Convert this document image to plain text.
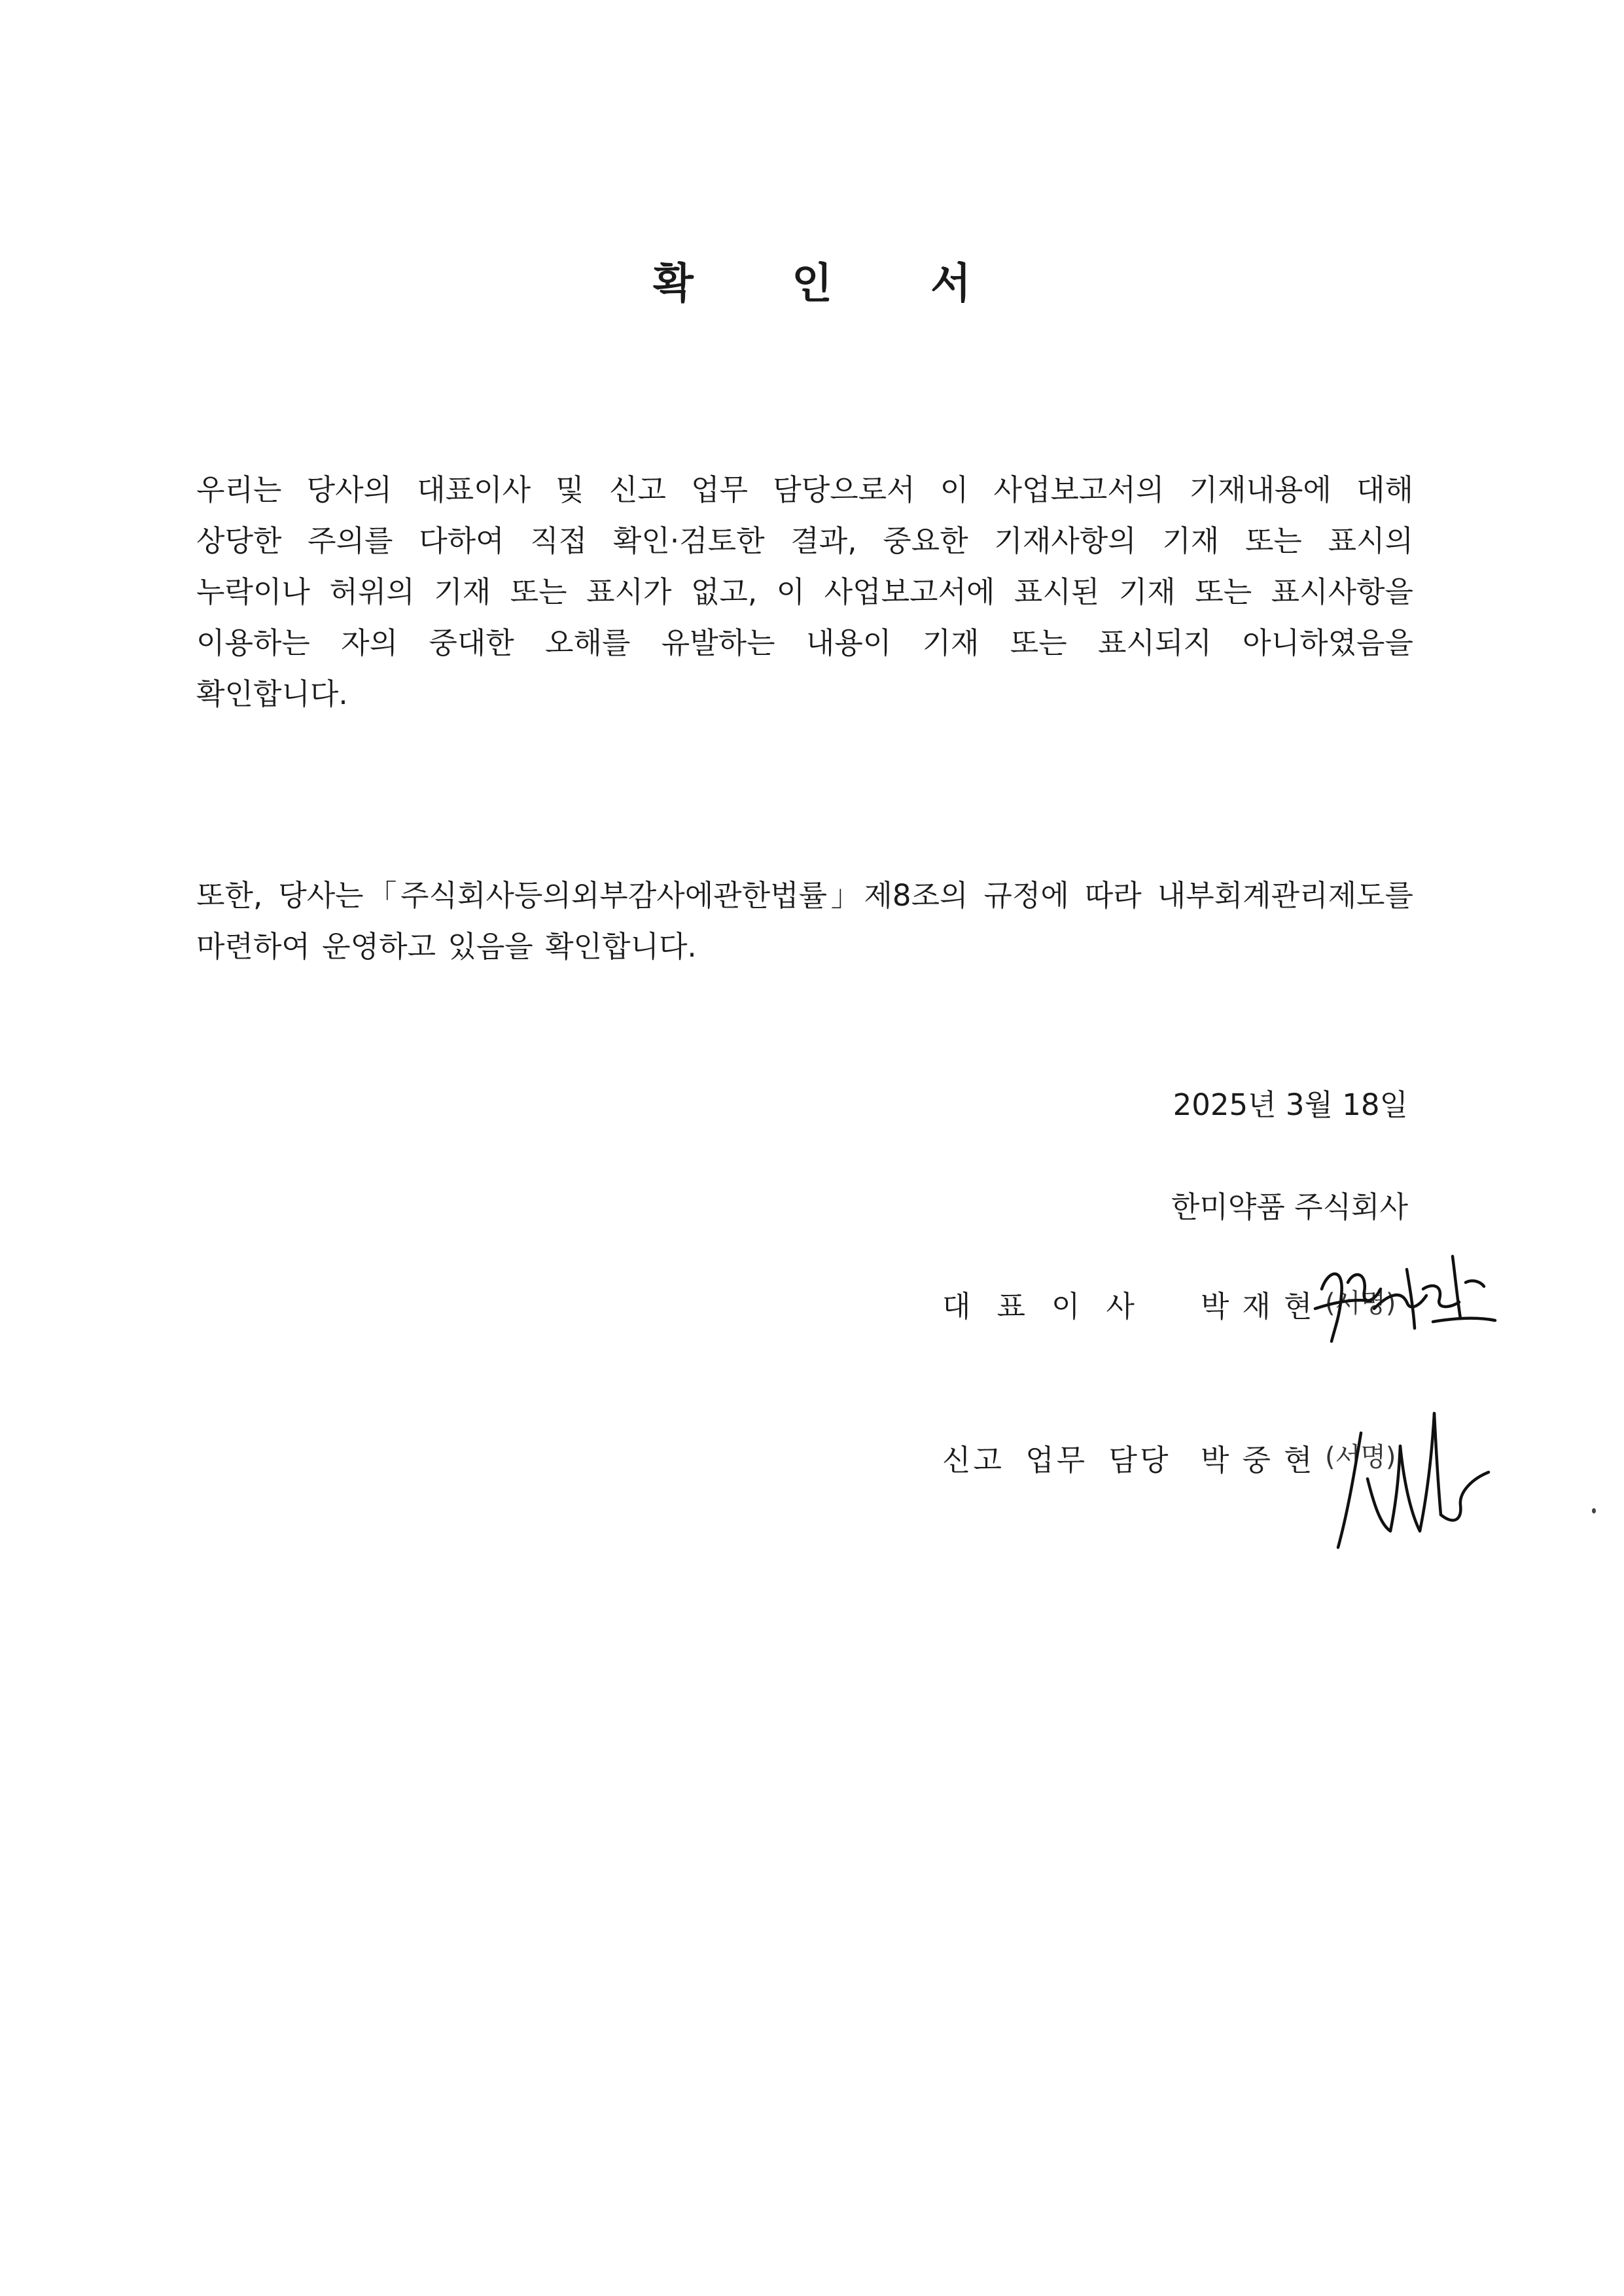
확 인 서
우리는 당사의 대표이사 및 신고 업무 담당으로서 이 사업보고서의 기재내용에 대해
상당한 주의를 다하여 직접 확인·검토한 결과, 중요한 기재사항의 기재 또는 표시의
누락이나 허위의 기재 또는 표시가 없고, 이 사업보고서에 표시된 기재 또는 표시사항을
이용하는 자의 중대한 오해를 유발하는 내용이 기재 또는 표시되지 아니하였음을
확인합니다.
또한, 당사는「주식회사등의외부감사에관한법률」제8조의 규정에 따라 내부회계관리제도를
마련하여 운영하고 있음을 확인합니다.
2025년 3월 18일
한미약품 주식회사
대표이사 박재현 (서명)
신고 업무 담당 박중현 (서명)
